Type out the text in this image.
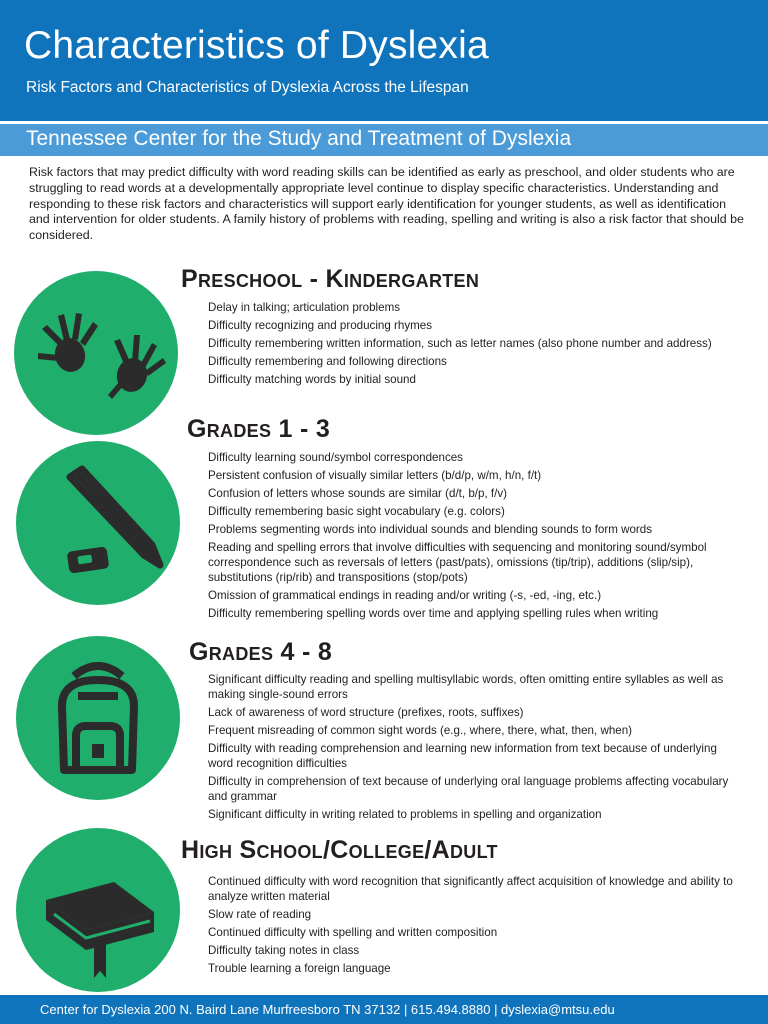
Characteristics of Dyslexia
Risk Factors and Characteristics of Dyslexia Across the Lifespan
Tennessee Center for the Study and Treatment of Dyslexia

Risk factors that may predict difficulty with word reading skills can be identified as early as preschool, and older students who are struggling to read words at a developmentally appropriate level continue to display specific characteristics. Understanding and responding to these risk factors and characteristics will support early identification for younger students, as well as identification and intervention for older students. A family history of problems with reading, spelling and writing is also a risk factor that should be considered.

Preschool - Kindergarten
Delay in talking; articulation problems
Difficulty recognizing and producing rhymes
Difficulty remembering written information, such as letter names (also phone number and address)
Difficulty remembering and following directions
Difficulty matching words by initial sound
Grades 1 - 3
Difficulty learning sound/symbol correspondences
Persistent confusion of visually similar letters (b/d/p, w/m, h/n, f/t)
Confusion of letters whose sounds are similar (d/t, b/p, f/v)
Difficulty remembering basic sight vocabulary (e.g. colors)
Problems segmenting words into individual sounds and blending sounds to form words
Reading and spelling errors that involve difficulties with sequencing and monitoring sound/symbol correspondence such as reversals of letters (past/pats), omissions (tip/trip), additions (slip/sip), substitutions (rip/rib) and transpositions (stop/pots)
Omission of grammatical endings in reading and/or writing (-s, -ed, -ing, etc.)
Difficulty remembering spelling words over time and applying spelling rules when writing
Grades 4 - 8
Significant difficulty reading and spelling multisyllabic words, often omitting entire syllables as well as making single-sound errors
Lack of awareness of word structure (prefixes, roots, suffixes)
Frequent misreading of common sight words (e.g., where, there, what, then, when)
Difficulty with reading comprehension and learning new information from text because of underlying word recognition difficulties
Difficulty in comprehension of text because of underlying oral language problems affecting vocabulary and grammar
Significant difficulty in writing related to problems in spelling and organization
High School/College/Adult
Continued difficulty with word recognition that significantly affect acquisition of knowledge and ability to analyze written material
Slow rate of reading
Continued difficulty with spelling and written composition
Difficulty taking notes in class
Trouble learning a foreign language
Center for Dyslexia 200 N. Baird Lane Murfreesboro TN 37132 | 615.494.8880 | dyslexia@mtsu.edu
